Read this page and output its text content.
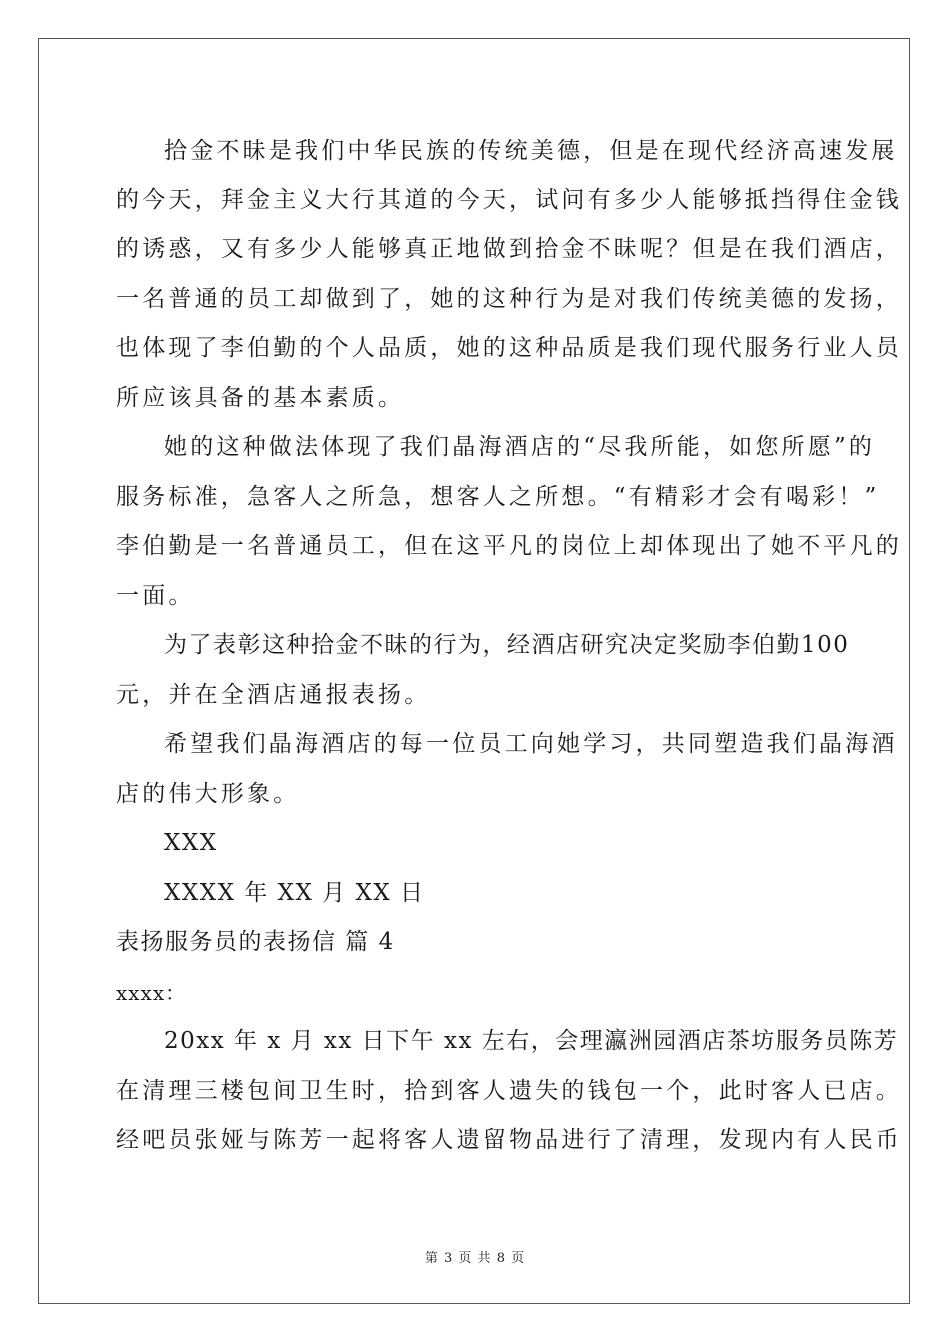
拾金不昧是我们中华民族的传统美德，但是在现代经济高速发展
的今天，拜金主义大行其道的今天，试问有多少人能够抵挡得住金钱
的诱惑，又有多少人能够真正地做到拾金不昧呢？但是在我们酒店，
一名普通的员工却做到了，她的这种行为是对我们传统美德的发扬，
也体现了李伯勤的个人品质，她的这种品质是我们现代服务行业人员
所应该具备的基本素质。
她的这种做法体现了我们晶海酒店的“尽我所能，如您所愿”的
服务标准，急客人之所急，想客人之所想。“有精彩才会有喝彩！”
李伯勤是一名普通员工，但在这平凡的岗位上却体现出了她不平凡的
一面。
为了表彰这种拾金不昧的行为，经酒店研究决定奖励李伯勤100
元，并在全酒店通报表扬。
希望我们晶海酒店的每一位员工向她学习，共同塑造我们晶海酒
店的伟大形象。
XXX
XXXX 年 XX 月 XX 日
表扬服务员的表扬信 篇 4
xxxx：
20xx 年 x 月 xx 日下午 xx 左右，会理瀛洲园酒店茶坊服务员陈芳
在清理三楼包间卫生时，拾到客人遗失的钱包一个，此时客人已店。
经吧员张娅与陈芳一起将客人遗留物品进行了清理，发现内有人民币
第 3 页 共 8 页
